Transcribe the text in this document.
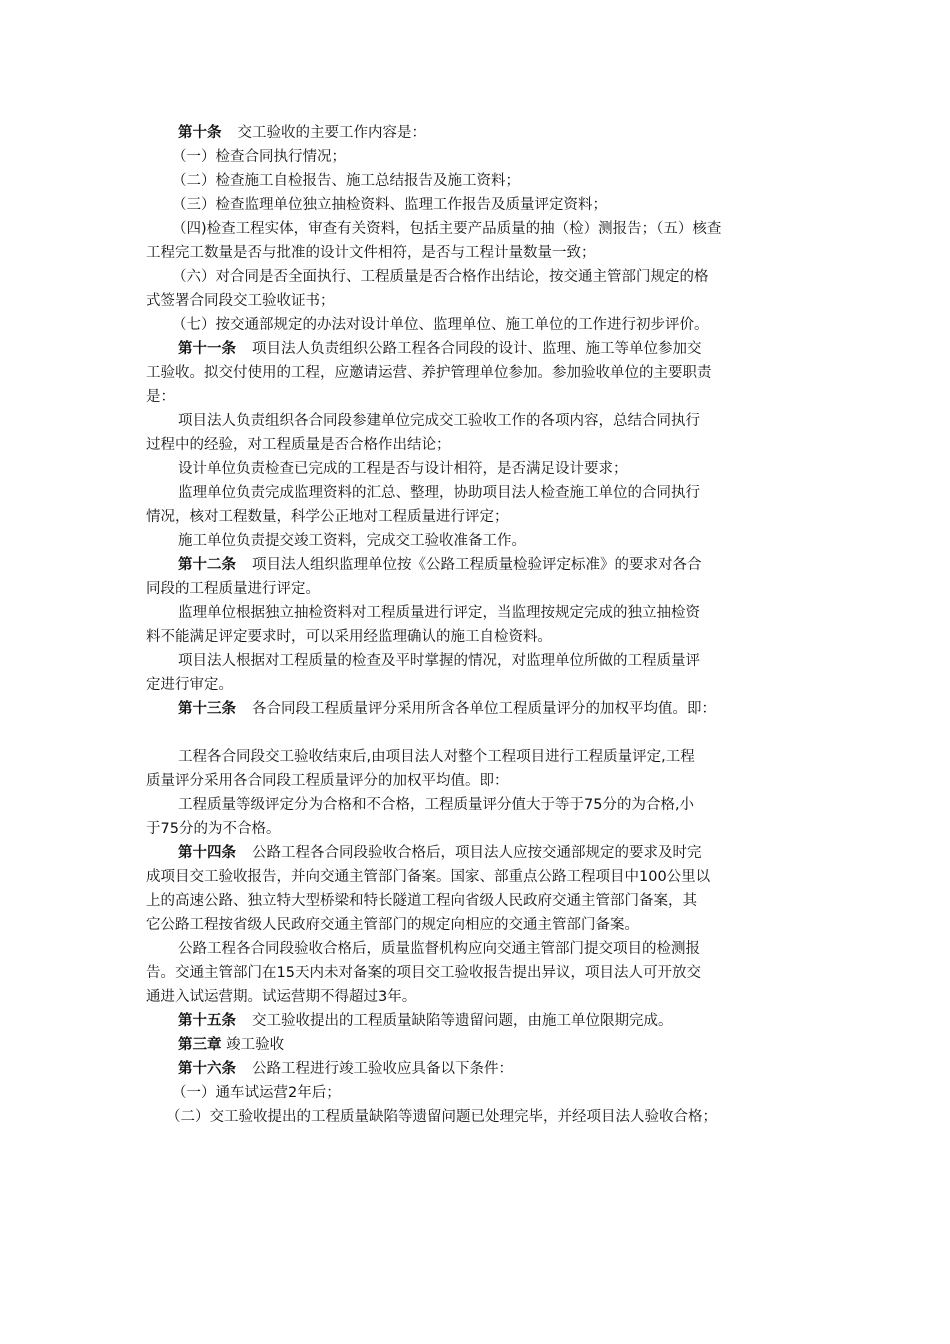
第十条 交工验收的主要工作内容是：

（一）检查合同执行情况；

（二）检查施工自检报告、施工总结报告及施工资料；

（三）检查监理单位独立抽检资料、监理工作报告及质量评定资料；

（四)检查工程实体，审查有关资料，包括主要产品质量的抽（检）测报告；（五）核查

工程完工数量是否与批准的设计文件相符，是否与工程计量数量一致；

（六）对合同是否全面执行、工程质量是否合格作出结论，按交通主管部门规定的格

式签署合同段交工验收证书；

（七）按交通部规定的办法对设计单位、监理单位、施工单位的工作进行初步评价。

第十一条 项目法人负责组织公路工程各合同段的设计、监理、施工等单位参加交

工验收。拟交付使用的工程，应邀请运营、养护管理单位参加。参加验收单位的主要职责

是：

项目法人负责组织各合同段参建单位完成交工验收工作的各项内容，总结合同执行

过程中的经验，对工程质量是否合格作出结论；

设计单位负责检查已完成的工程是否与设计相符，是否满足设计要求；

监理单位负责完成监理资料的汇总、整理，协助项目法人检查施工单位的合同执行

情况，核对工程数量，科学公正地对工程质量进行评定；

施工单位负责提交竣工资料，完成交工验收准备工作。

第十二条 项目法人组织监理单位按《公路工程质量检验评定标准》的要求对各合

同段的工程质量进行评定。

监理单位根据独立抽检资料对工程质量进行评定，当监理按规定完成的独立抽检资

料不能满足评定要求时，可以采用经监理确认的施工自检资料。

项目法人根据对工程质量的检查及平时掌握的情况，对监理单位所做的工程质量评

定进行审定。

第十三条 各合同段工程质量评分采用所含各单位工程质量评分的加权平均值。即：

工程各合同段交工验收结束后,由项目法人对整个工程项目进行工程质量评定,工程

质量评分采用各合同段工程质量评分的加权平均值。即：

工程质量等级评定分为合格和不合格，工程质量评分值大于等于75分的为合格,小

于75分的为不合格。

第十四条 公路工程各合同段验收合格后，项目法人应按交通部规定的要求及时完

成项目交工验收报告，并向交通主管部门备案。国家、部重点公路工程项目中100公里以

上的高速公路、独立特大型桥梁和特长隧道工程向省级人民政府交通主管部门备案，其

它公路工程按省级人民政府交通主管部门的规定向相应的交通主管部门备案。

公路工程各合同段验收合格后，质量监督机构应向交通主管部门提交项目的检测报

告。交通主管部门在15天内未对备案的项目交工验收报告提出异议，项目法人可开放交

通进入试运营期。试运营期不得超过3年。

第十五条 交工验收提出的工程质量缺陷等遗留问题，由施工单位限期完成。

第三章 竣工验收

第十六条 公路工程进行竣工验收应具备以下条件：

（一）通车试运营2年后；

（二）交工验收提出的工程质量缺陷等遗留问题已处理完毕，并经项目法人验收合格；
